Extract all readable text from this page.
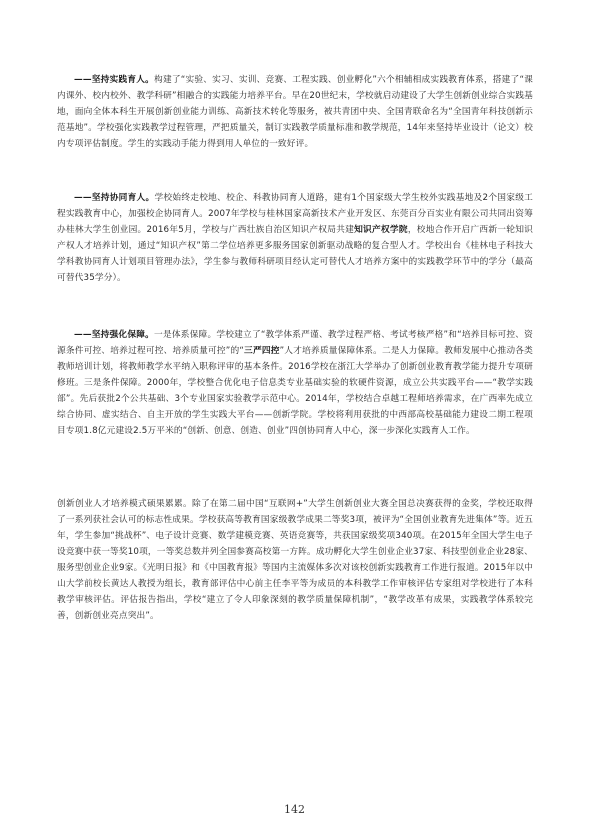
——坚持实践育人。构建了“实验、实习、实训、竞赛、工程实践、创业孵化”六个相辅相成实践教育体系，搭建了“课内课外、校内校外、教学科研”相融合的实践能力培养平台。早在20世纪末，学校就启动建设了大学生创新创业综合实践基地，面向全体本科生开展创新创业能力训练、高新技术转化等服务，被共青团中央、全国青联命名为“全国青年科技创新示范基地”。学校强化实践教学过程管理，严把质量关，制订实践教学质量标准和教学规范，14年来坚持毕业设计（论文）校内专项评估制度。学生的实践动手能力得到用人单位的一致好评。

——坚持协同育人。学校始终走校地、校企、科教协同育人道路，建有1个国家级大学生校外实践基地及2个国家级工程实践教育中心，加强校企协同育人。2007年学校与桂林国家高新技术产业开发区、东莞百分百实业有限公司共同出资筹办桂林大学生创业园。2016年5月，学校与广西壮族自治区知识产权局共建知识产权学院，校地合作开启广西新一轮知识产权人才培养计划，通过“知识产权”第二学位培养更多服务国家创新驱动战略的复合型人才。学校出台《桂林电子科技大学科教协同育人计划项目管理办法》，学生参与教师科研项目经认定可替代人才培养方案中的实践教学环节中的学分（最高可替代35学分）。

——坚持强化保障。一是体系保障。学校建立了“教学体系严谨、教学过程严格、考试考核严格”和“培养目标可控、资源条件可控、培养过程可控、培养质量可控”的“三严四控”人才培养质量保障体系。二是人力保障。教师发展中心推动各类教师培训计划，将教师教学水平纳入职称评审的基本条件。2016学校在浙江大学举办了创新创业教育教学能力提升专项研修班。三是条件保障。2000年，学校整合优化电子信息类专业基础实验的软硬件资源，成立公共实践平台——“教学实践部”。先后获批2个公共基础、3个专业国家实验教学示范中心。2014年，学校结合卓越工程师培养需求，在广西率先成立综合协同、虚实结合、自主开放的学生实践大平台——创新学院。学校将利用获批的中西部高校基础能力建设二期工程项目专项1.8亿元建设2.5万平米的“创新、创意、创造、创业”四创协同育人中心，深一步深化实践育人工作。

创新创业人才培养模式硕果累累。除了在第二届中国“互联网+”大学生创新创业大赛全国总决赛获得的金奖，学校还取得了一系列获社会认可的标志性成果。学校获高等教育国家级教学成果二等奖3项，被评为“全国创业教育先进集体”等。近五年，学生参加“挑战杯”、电子设计竞赛、数学建模竞赛、英语竞赛等，共获国家级奖项340项。在2015年全国大学生电子设竞赛中获一等奖10项，一等奖总数并列全国参赛高校第一方阵。成功孵化大学生创业企业37家、科技型创业企业28家、服务型创业企业9家。《光明日报》和《中国教育报》等国内主流媒体多次对该校创新实践教育工作进行报道。2015年以中山大学前校长黄达人教授为组长，教育部评估中心前主任李平等为成员的本科教学工作审核评估专家组对学校进行了本科教学审核评估。评估报告指出，学校“建立了令人印象深刻的教学质量保障机制”，“教学改革有成果，实践教学体系较完善，创新创业亮点突出”。

142
